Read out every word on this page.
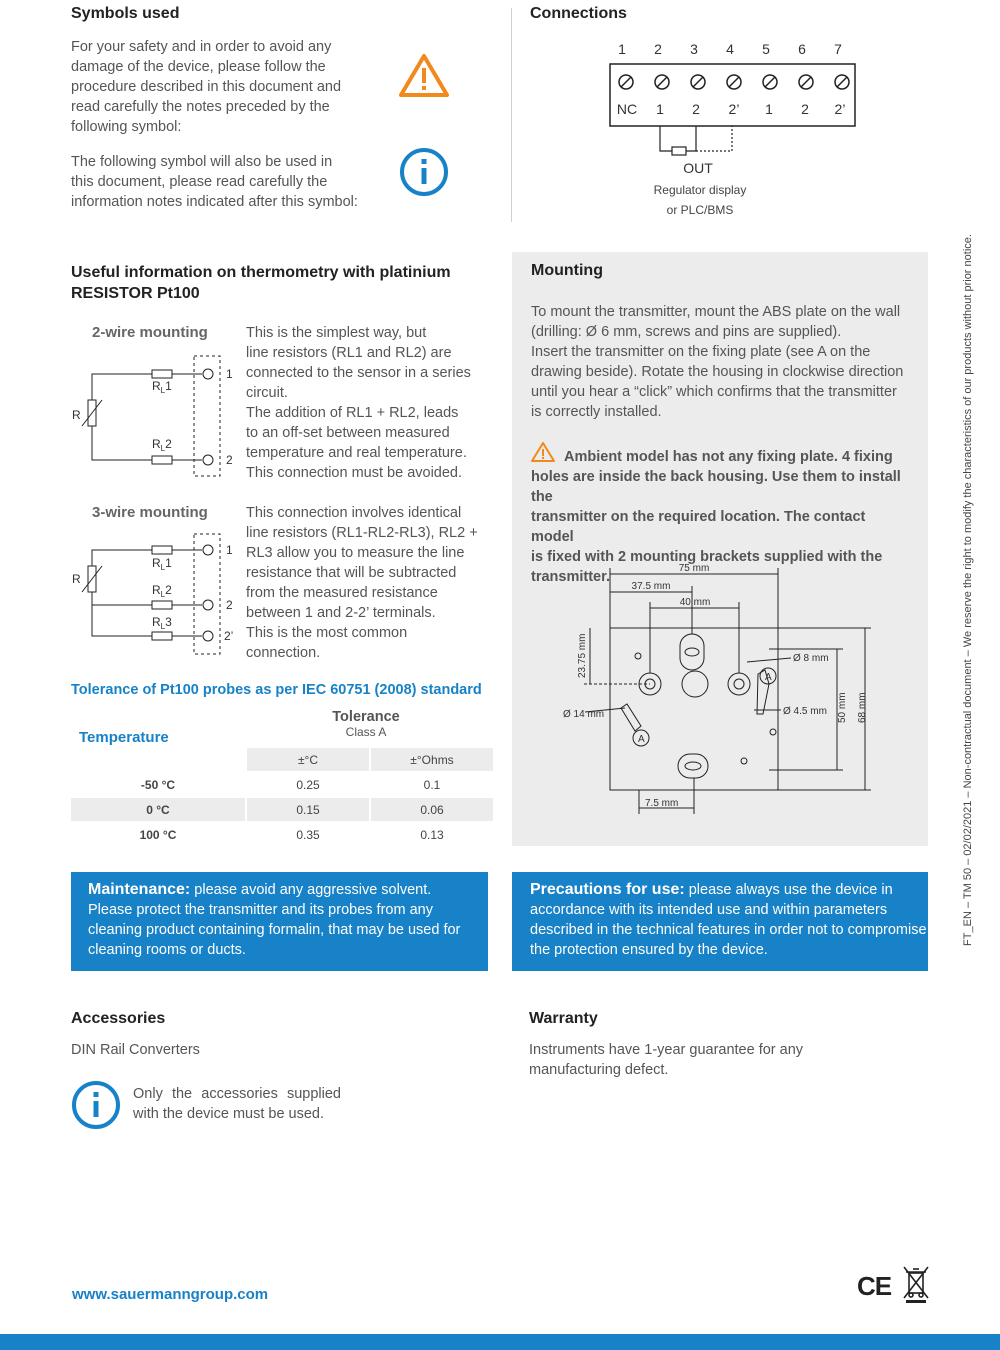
Symbols used
For your safety and in order to avoid any
damage of the device, please follow the
procedure described in this document and
read carefully the notes preceded by the
following symbol:
The following symbol will also be used in
this document, please read carefully the
information notes indicated after this symbol:
Connections
1 2 3 4 5 6 7
NC 1 2 2’ 1 2 2’
OUT
Regulator display
or PLC/BMS
Useful information on thermometry with platinium
RESISTOR Pt100
2-wire mounting
R
$R_L1$
$R_L2$
1
2
This is the simplest way, but
line resistors (RL1 and RL2) are
connected to the sensor in a series
circuit.
The addition of RL1 + RL2, leads
to an off-set between measured
temperature and real temperature.
This connection must be avoided.
3-wire mounting
R
$R_L1$
$R_L2$
$R_L3$
1
2
2’
This connection involves identical
line resistors (RL1-RL2-RL3), RL2 +
RL3 allow you to measure the line
resistance that will be subtracted
from the measured resistance
between 1 and 2-2’ terminals.
This is the most common
connection.
Tolerance of Pt100 probes as per IEC 60751 (2008) standard
Tolerance
Class A
Temperature
	±°C	±°Ohms
-50 °C	0.25	0.1
0 °C	0.15	0.06
100 °C	0.35	0.13
Mounting
To mount the transmitter, mount the ABS plate on the wall
(drilling: Ø 6 mm, screws and pins are supplied).
Insert the transmitter on the fixing plate (see A on the
drawing beside). Rotate the housing in clockwise direction
until you hear a “click” which confirms that the transmitter
is correctly installed.
Ambient model has not any fixing plate. 4 fixing
holes are inside the back housing. Use them to install the
transmitter on the required location. The contact model
is fixed with 2 mounting brackets supplied with the
transmitter.
75 mm
37.5 mm
40 mm
23.75 mm	Ø 8 mm
Ø 14 mm	Ø 4.5 mm 50 mm 68 mm
7.5 mm
A
A
Maintenance: please avoid any aggressive solvent.
Please protect the transmitter and its probes from any
cleaning product containing formalin, that may be used for
cleaning rooms or ducts.
Precautions for use: please always use the device in
accordance with its intended use and within parameters
described in the technical features in order not to compromise
the protection ensured by the device.
Accessories
DIN Rail Converters
Only the accessories supplied
with the device must be used.
Warranty
Instruments have 1-year guarantee for any
manufacturing defect.
www.sauermanngroup.com	CE
FT_EN – TM 50 – 02/02/2021 – Non-contractual document – We reserve the right to modify the characteristics of our products without prior notice.
